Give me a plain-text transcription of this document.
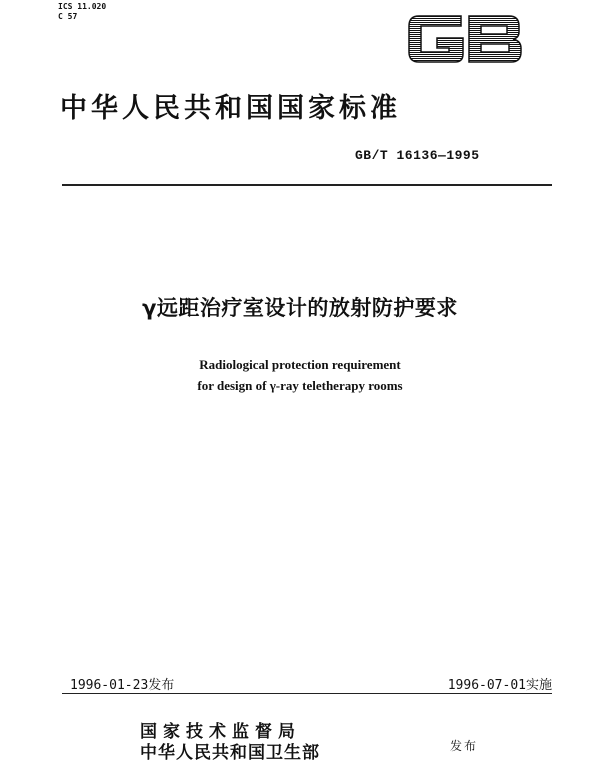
ICS 11.020
C 57
中华人民共和国国家标准
GB/T 16136—1995
γ远距治疗室设计的放射防护要求
Radiological protection requirement
for design of γ-ray teletherapy rooms
1996-01-23发布	1996-07-01实施
国家技术监督局
中华人民共和国卫生部	发布
